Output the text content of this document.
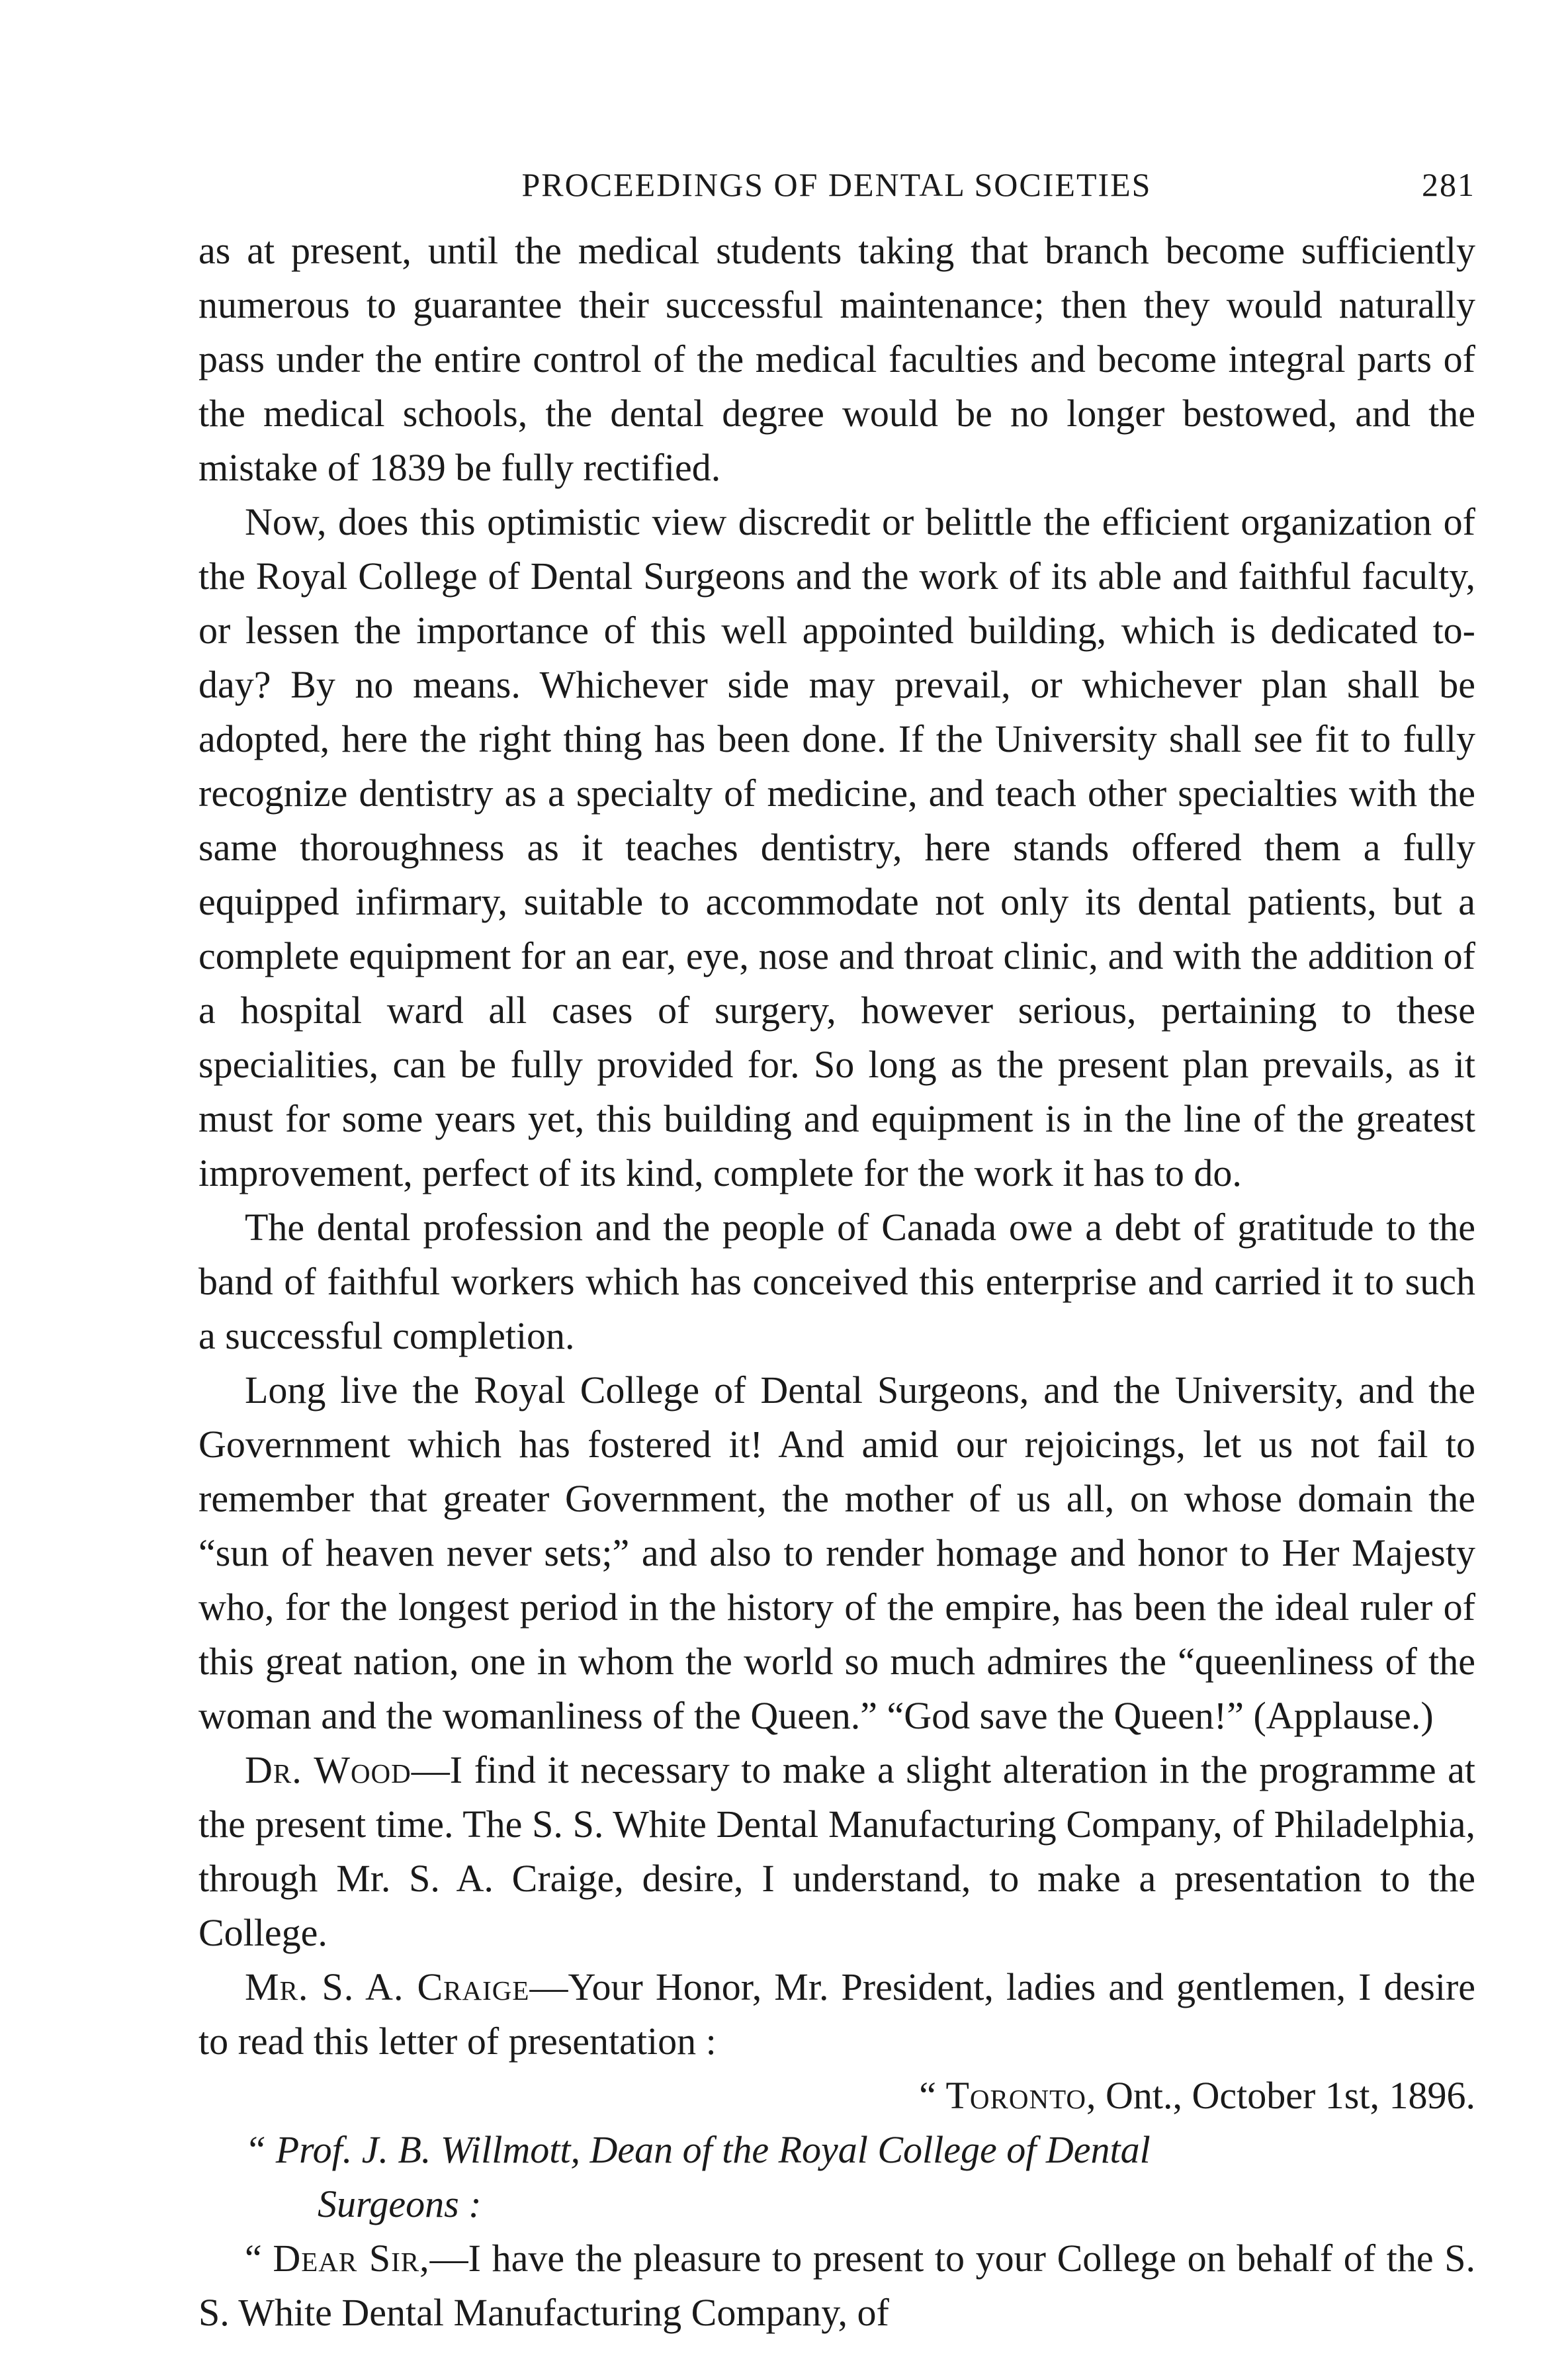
PROCEEDINGS OF DENTAL SOCIETIES	281

as at present, until the medical students taking that branch become sufficiently numerous to guarantee their successful maintenance; then they would naturally pass under the entire control of the medical faculties and become integral parts of the medical schools, the dental degree would be no longer bestowed, and the mistake of 1839 be fully rectified.

Now, does this optimistic view discredit or belittle the efficient organization of the Royal College of Dental Surgeons and the work of its able and faithful faculty, or lessen the importance of this well appointed building, which is dedicated to-day? By no means. Whichever side may prevail, or whichever plan shall be adopted, here the right thing has been done. If the University shall see fit to fully recognize dentistry as a specialty of medicine, and teach other specialties with the same thoroughness as it teaches dentistry, here stands offered them a fully equipped infirmary, suitable to accommodate not only its dental patients, but a complete equipment for an ear, eye, nose and throat clinic, and with the addition of a hospital ward all cases of surgery, however serious, pertaining to these specialities, can be fully provided for. So long as the present plan prevails, as it must for some years yet, this building and equipment is in the line of the greatest improvement, perfect of its kind, complete for the work it has to do.

The dental profession and the people of Canada owe a debt of gratitude to the band of faithful workers which has conceived this enterprise and carried it to such a successful completion.

Long live the Royal College of Dental Surgeons, and the University, and the Government which has fostered it! And amid our rejoicings, let us not fail to remember that greater Government, the mother of us all, on whose domain the “sun of heaven never sets;” and also to render homage and honor to Her Majesty who, for the longest period in the history of the empire, has been the ideal ruler of this great nation, one in whom the world so much admires the “queenliness of the woman and the womanliness of the Queen.” “God save the Queen!” (Applause.)

Dr. Wood—I find it necessary to make a slight alteration in the programme at the present time. The S. S. White Dental Manufacturing Company, of Philadelphia, through Mr. S. A. Craige, desire, I understand, to make a presentation to the College.

Mr. S. A. Craige—Your Honor, Mr. President, ladies and gentlemen, I desire to read this letter of presentation :

“ Toronto, Ont., October 1st, 1896.

“ Prof. J. B. Willmott, Dean of the Royal College of Dental
Surgeons :

“ Dear Sir,—I have the pleasure to present to your College on behalf of the S. S. White Dental Manufacturing Company, of
